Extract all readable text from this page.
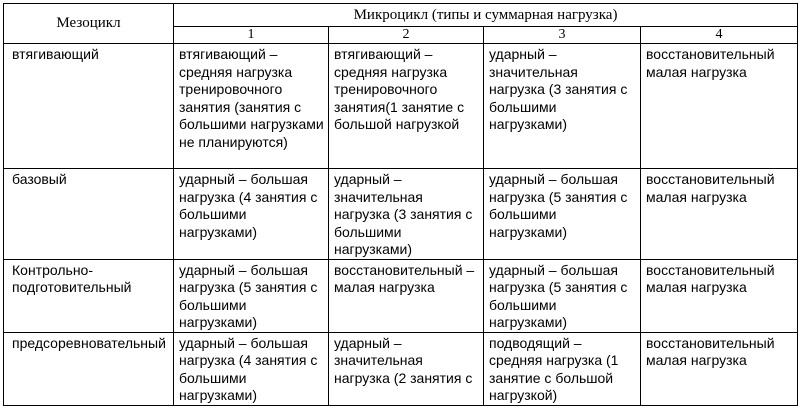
Мезоцикл	Микроцикл (типы и суммарная нагрузка)			
	1	2	3	4
втягивающий	втягивающий – средняя нагрузка тренировочного занятия (занятия с большими нагрузками не планируются)	втягивающий – средняя нагрузка тренировочного занятия(1 занятие с большой нагрузкой	ударный – значительная нагрузка (3 занятия с большими нагрузками)	восстановительный малая нагрузка
базовый	ударный – большая нагрузка (4 занятия с большими нагрузками)	ударный – значительная нагрузка (3 занятия с большими нагрузками)	ударный – большая нагрузка (5 занятия с большими нагрузками)	восстановительный малая нагрузка
Контрольно-подготовительный	ударный – большая нагрузка (5 занятия с большими нагрузками)	восстановительный – малая нагрузка	ударный – большая нагрузка (5 занятия с большими нагрузками)	восстановительный малая нагрузка
предсоревновательный	ударный – большая нагрузка (4 занятия с большими нагрузками)	ударный – значительная нагрузка (2 занятия с	подводящий – средняя нагрузка (1 занятие с большой нагрузкой)	восстановительный малая нагрузка
